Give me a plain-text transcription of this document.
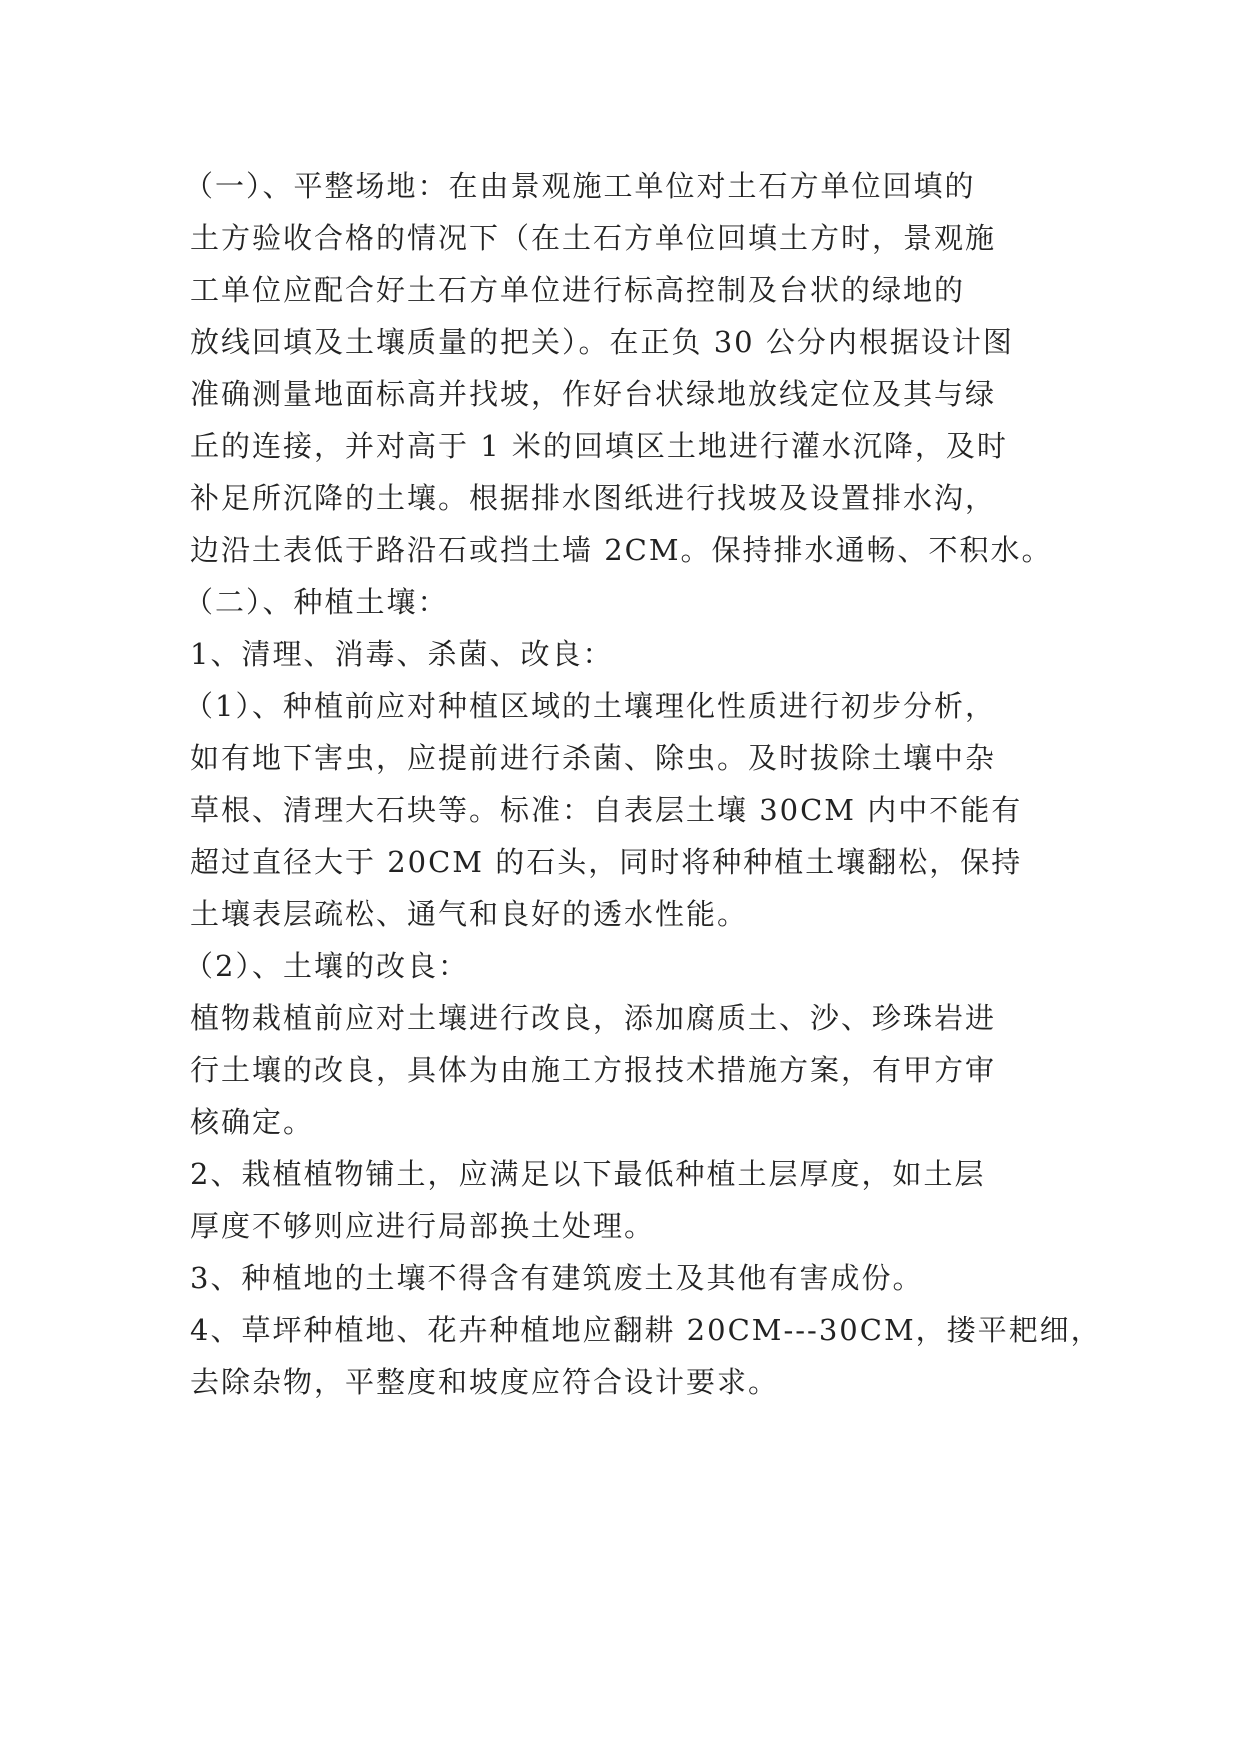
（一）、平整场地：在由景观施工单位对土石方单位回填的
土方验收合格的情况下（在土石方单位回填土方时，景观施
工单位应配合好土石方单位进行标高控制及台状的绿地的
放线回填及土壤质量的把关）。在正负 30 公分内根据设计图
准确测量地面标高并找坡，作好台状绿地放线定位及其与绿
丘的连接，并对高于 1 米的回填区土地进行灌水沉降，及时
补足所沉降的土壤。根据排水图纸进行找坡及设置排水沟，
边沿土表低于路沿石或挡土墙 2CM。保持排水通畅、不积水。
（二）、种植土壤：
1、清理、消毒、杀菌、改良：
（1）、种植前应对种植区域的土壤理化性质进行初步分析，
如有地下害虫，应提前进行杀菌、除虫。及时拔除土壤中杂
草根、清理大石块等。标准：自表层土壤 30CM 内中不能有
超过直径大于 20CM 的石头，同时将种种植土壤翻松，保持
土壤表层疏松、通气和良好的透水性能。
（2）、土壤的改良：
植物栽植前应对土壤进行改良，添加腐质土、沙、珍珠岩进
行土壤的改良，具体为由施工方报技术措施方案，有甲方审
核确定。
2、栽植植物铺土，应满足以下最低种植土层厚度，如土层
厚度不够则应进行局部换土处理。
3、种植地的土壤不得含有建筑废土及其他有害成份。
4、草坪种植地、花卉种植地应翻耕 20CM---30CM，搂平耙细，
去除杂物，平整度和坡度应符合设计要求。
